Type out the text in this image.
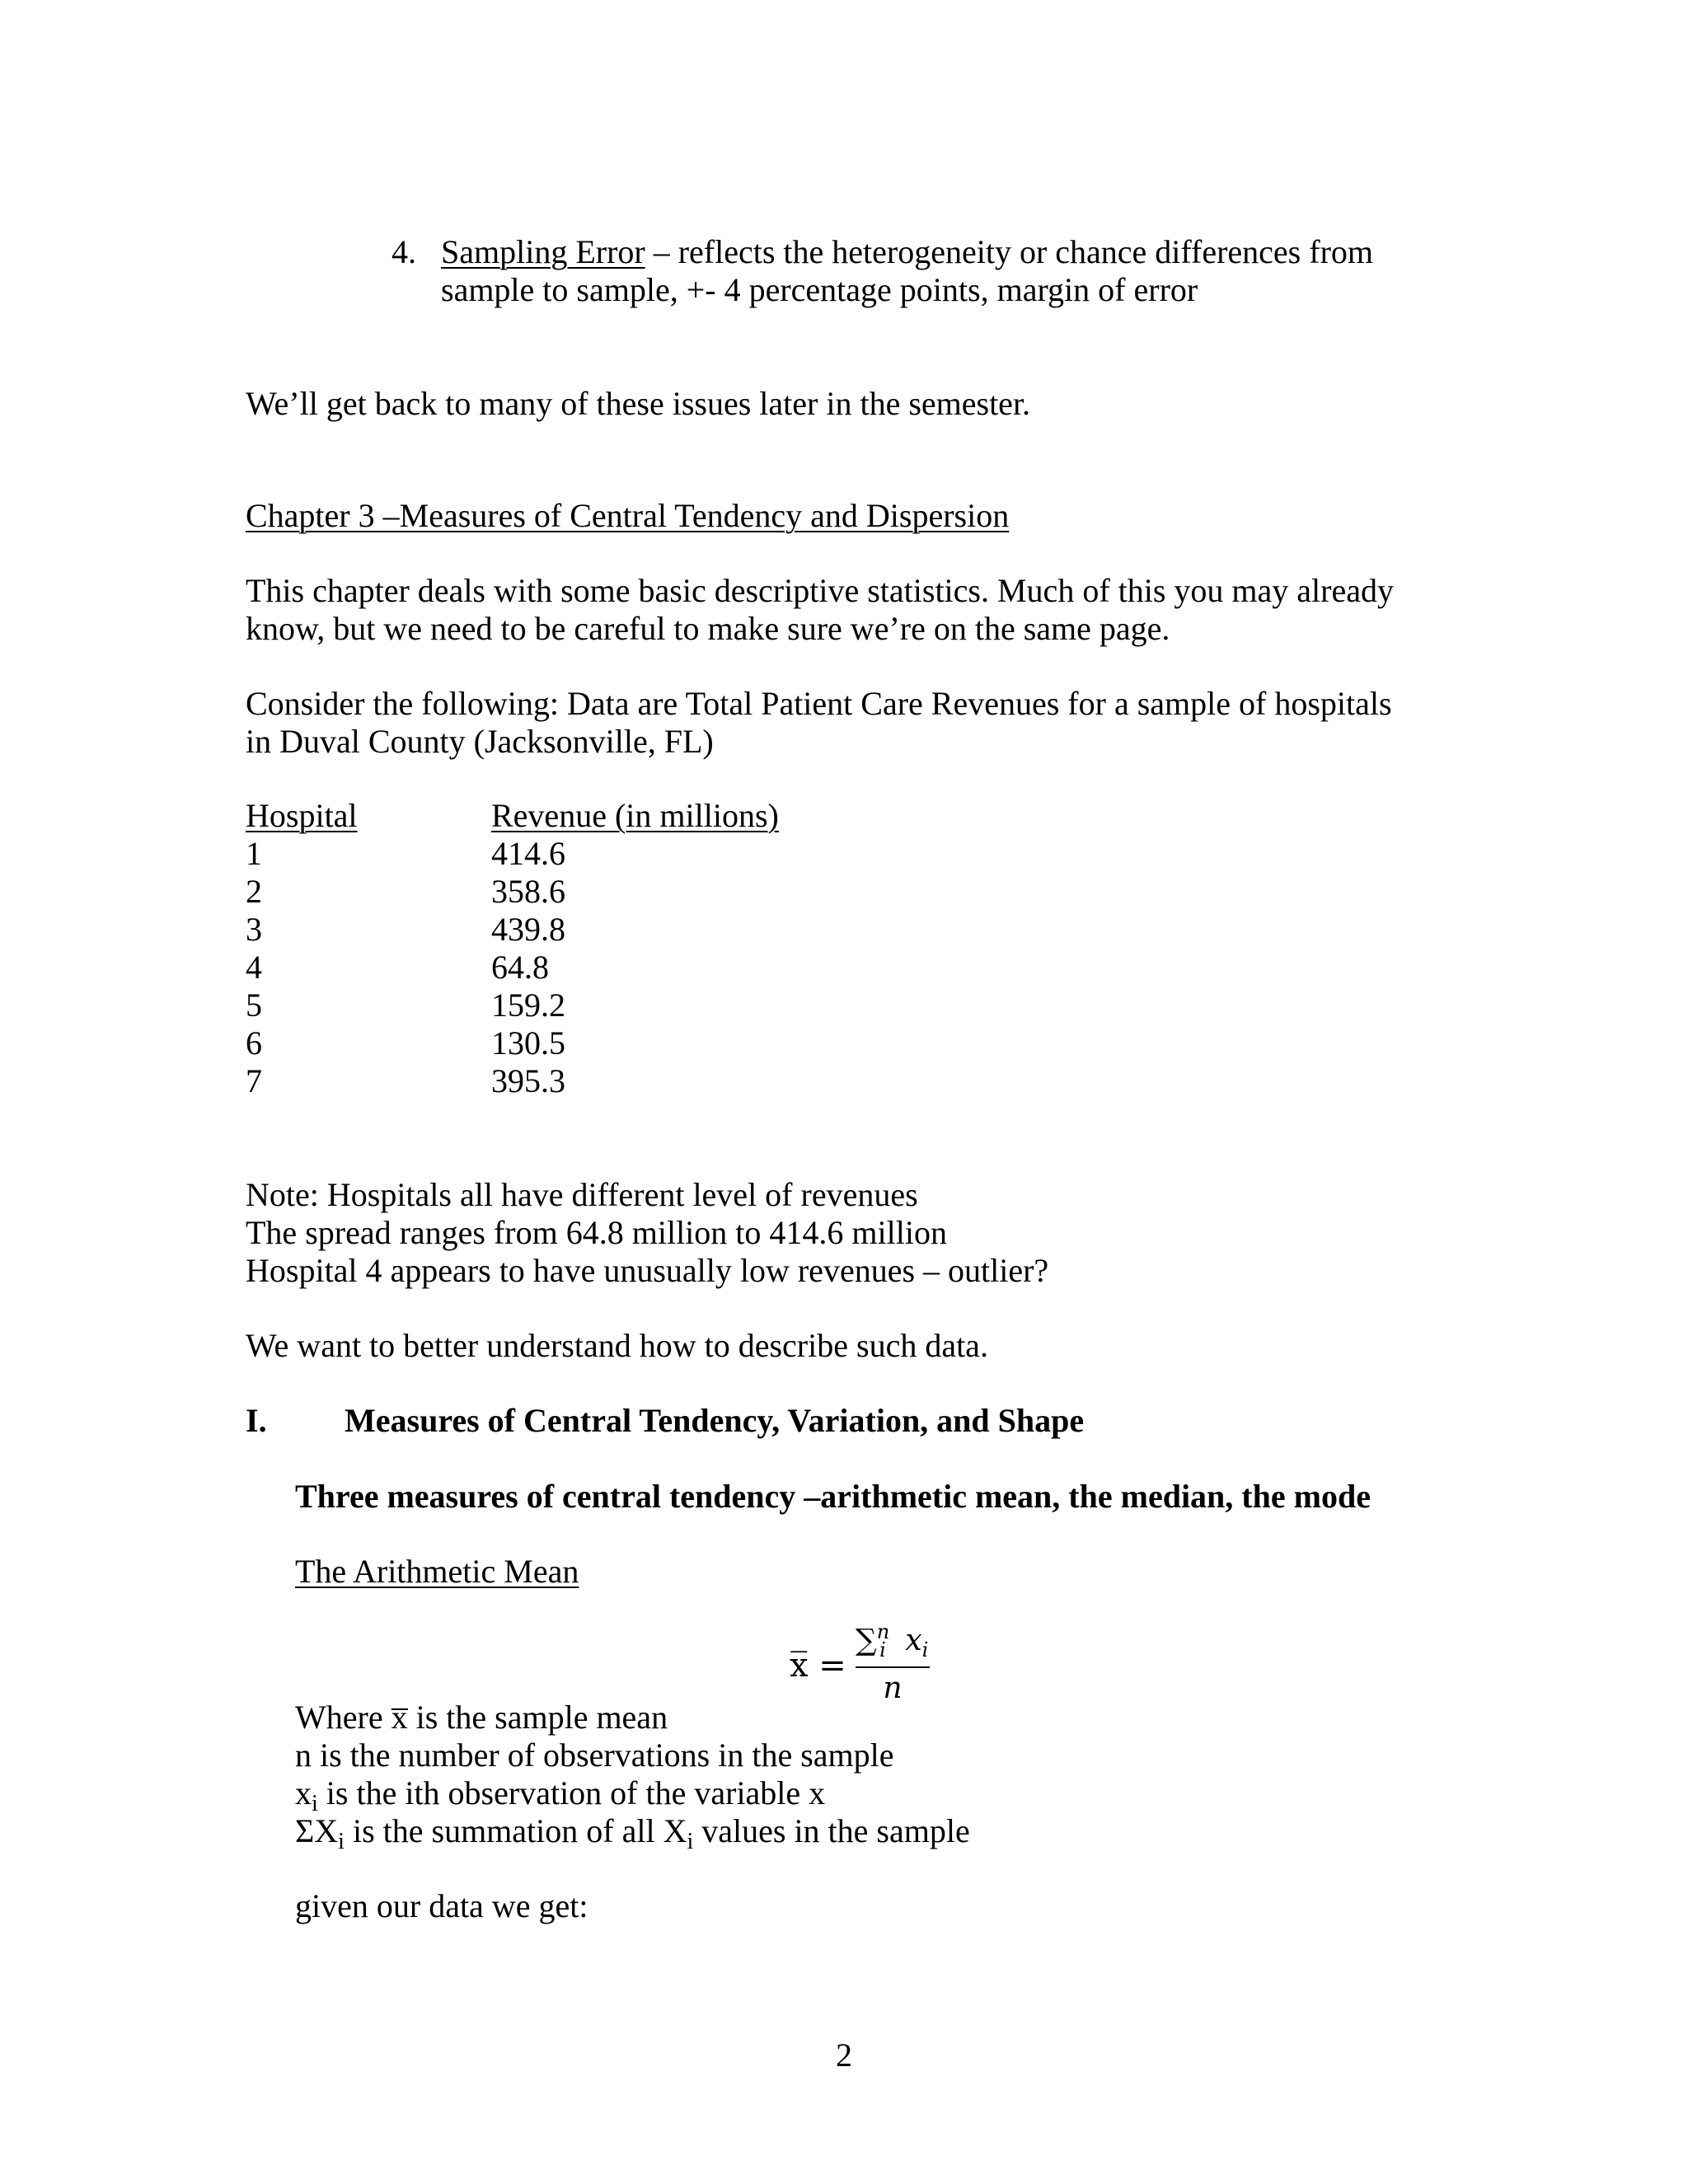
4. Sampling Error – reflects the heterogeneity or chance differences from
sample to sample, +- 4 percentage points, margin of error
We’ll get back to many of these issues later in the semester.
Chapter 3 –Measures of Central Tendency and Dispersion
This chapter deals with some basic descriptive statistics. Much of this you may already
know, but we need to be careful to make sure we’re on the same page.
Consider the following: Data are Total Patient Care Revenues for a sample of hospitals
in Duval County (Jacksonville, FL)
Hospital	Revenue (in millions)
1	414.6
2	358.6
3	439.8
4	64.8
5	159.2
6	130.5
7	395.3
Note: Hospitals all have different level of revenues
The spread ranges from 64.8 million to 414.6 million
Hospital 4 appears to have unusually low revenues – outlier?
We want to better understand how to describe such data.
I. Measures of Central Tendency, Variation, and Shape
Three measures of central tendency –arithmetic mean, the median, the mode
The Arithmetic Mean
x̅ =
∑$^n_i$ $x_i$
n
Where x̅ is the sample mean
n is the number of observations in the sample
$x_i$ is the ith observation of the variable x
$\Sigma X_i$ is the summation of all $X_i$ values in the sample
given our data we get:
2
